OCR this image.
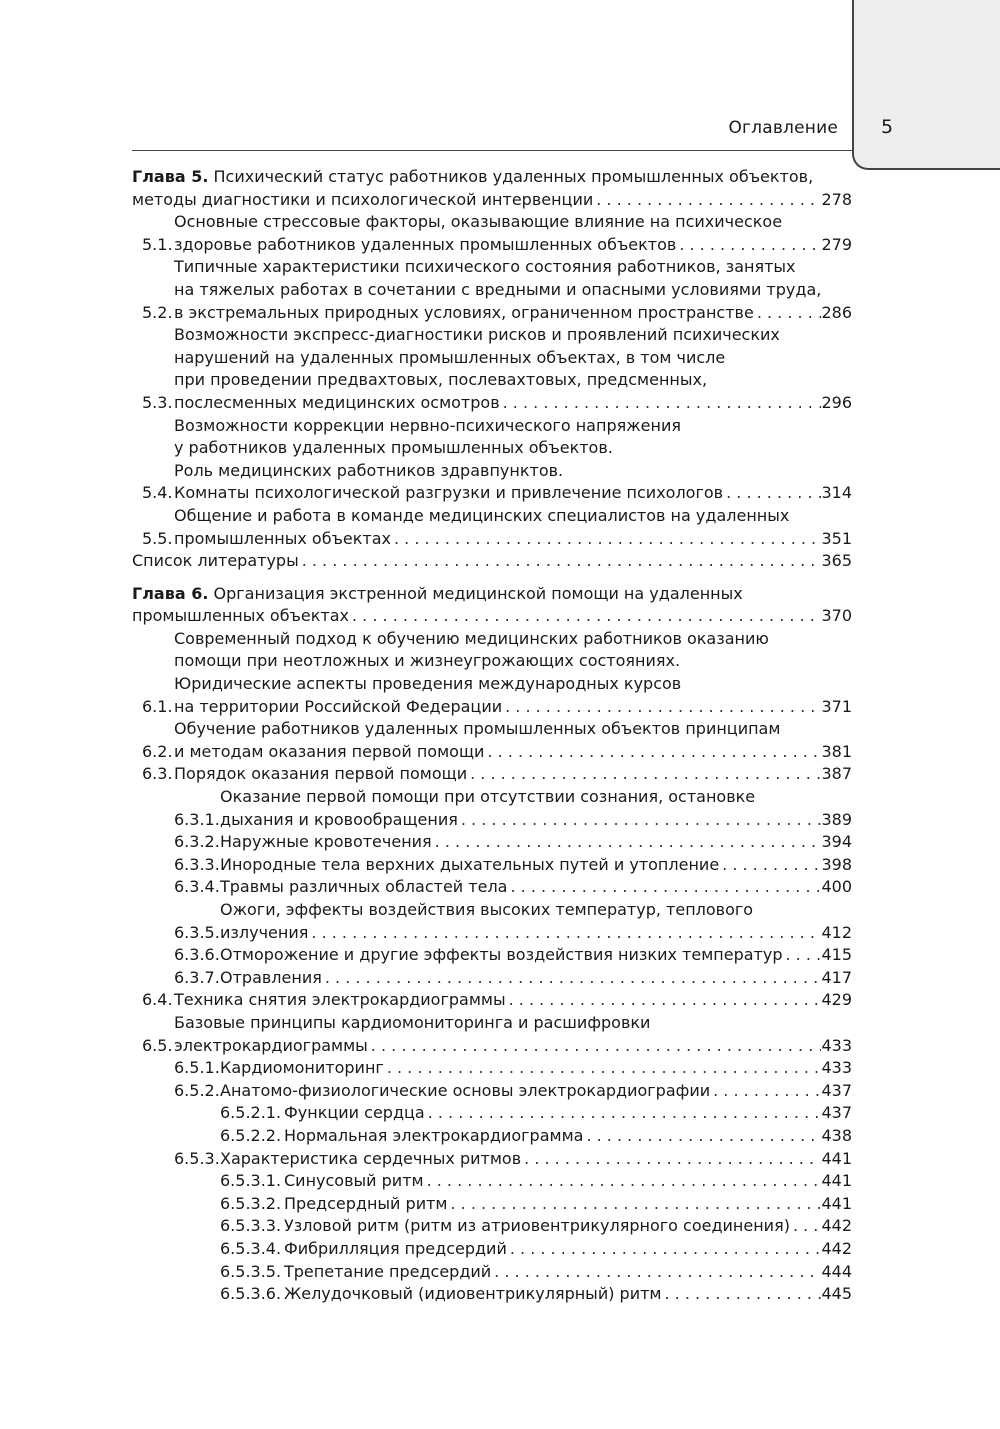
5
Оглавление
Глава 5. Психический статус работников удаленных промышленных объектов,
методы диагностики и психологической интервенции . . .	278
5.1.
Основные стрессовые факторы, оказывающие влияние на психическое
здоровье работников удаленных промышленных объектов . . .	279
5.2.
Типичные характеристики психического состояния работников, занятых
на тяжелых работах в сочетании с вредными и опасными условиями труда,
в экстремальных природных условиях, ограниченном пространстве . . .	286
5.3.
Возможности экспресс-диагностики рисков и проявлений психических
нарушений на удаленных промышленных объектах, в том числе
при проведении предвахтовых, послевахтовых, предсменных,
послесменных медицинских осмотров . . .	296
5.4.
Возможности коррекции нервно-психического напряжения
у работников удаленных промышленных объектов.
Роль медицинских работников здравпунктов.
Комнаты психологической разгрузки и привлечение психологов . . .	314
5.5.
Общение и работа в команде медицинских специалистов на удаленных
промышленных объектах . . .	351
Список литературы . . .	365
Глава 6. Организация экстренной медицинской помощи на удаленных
промышленных объектах . . .	370
6.1.
Современный подход к обучению медицинских работников оказанию
помощи при неотложных и жизнеугрожающих состояниях.
Юридические аспекты проведения международных курсов
на территории Российской Федерации . . .	371
6.2.
Обучение работников удаленных промышленных объектов принципам
и методам оказания первой помощи . . .	381
6.3. Порядок оказания первой помощи . . .	387
6.3.1.
Оказание первой помощи при отсутствии сознания, остановке
дыхания и кровообращения . . .	389
6.3.2. Наружные кровотечения . . .	394
6.3.3. Инородные тела верхних дыхательных путей и утопление . . .	398
6.3.4. Травмы различных областей тела . . .	400
6.3.5.
Ожоги, эффекты воздействия высоких температур, теплового
излучения . . .	412
6.3.6. Отморожение и другие эффекты воздействия низких температур . . . 415
6.3.7. Отравления . . .	417
6.4. Техника снятия электрокардиограммы . . .	429
6.5.
Базовые принципы кардиомониторинга и расшифровки
электрокардиограммы . . .	433
6.5.1. Кардиомониторинг . . .	433
6.5.2. Анатомо-физиологические основы электрокардиографии . . .	437
6.5.2.1. Функции сердца . . .	437
6.5.2.2. Нормальная электрокардиограмма . . .	438
6.5.3. Характеристика сердечных ритмов . . .	441
6.5.3.1. Синусовый ритм . . .	441
6.5.3.2. Предсердный ритм . . .	441
6.5.3.3. Узловой ритм (ритм из атриовентрикулярного соединения) . . . 442
6.5.3.4. Фибрилляция предсердий . . .	442
6.5.3.5. Трепетание предсердий . . .	444
6.5.3.6. Желудочковый (идиовентрикулярный) ритм . . .	445
